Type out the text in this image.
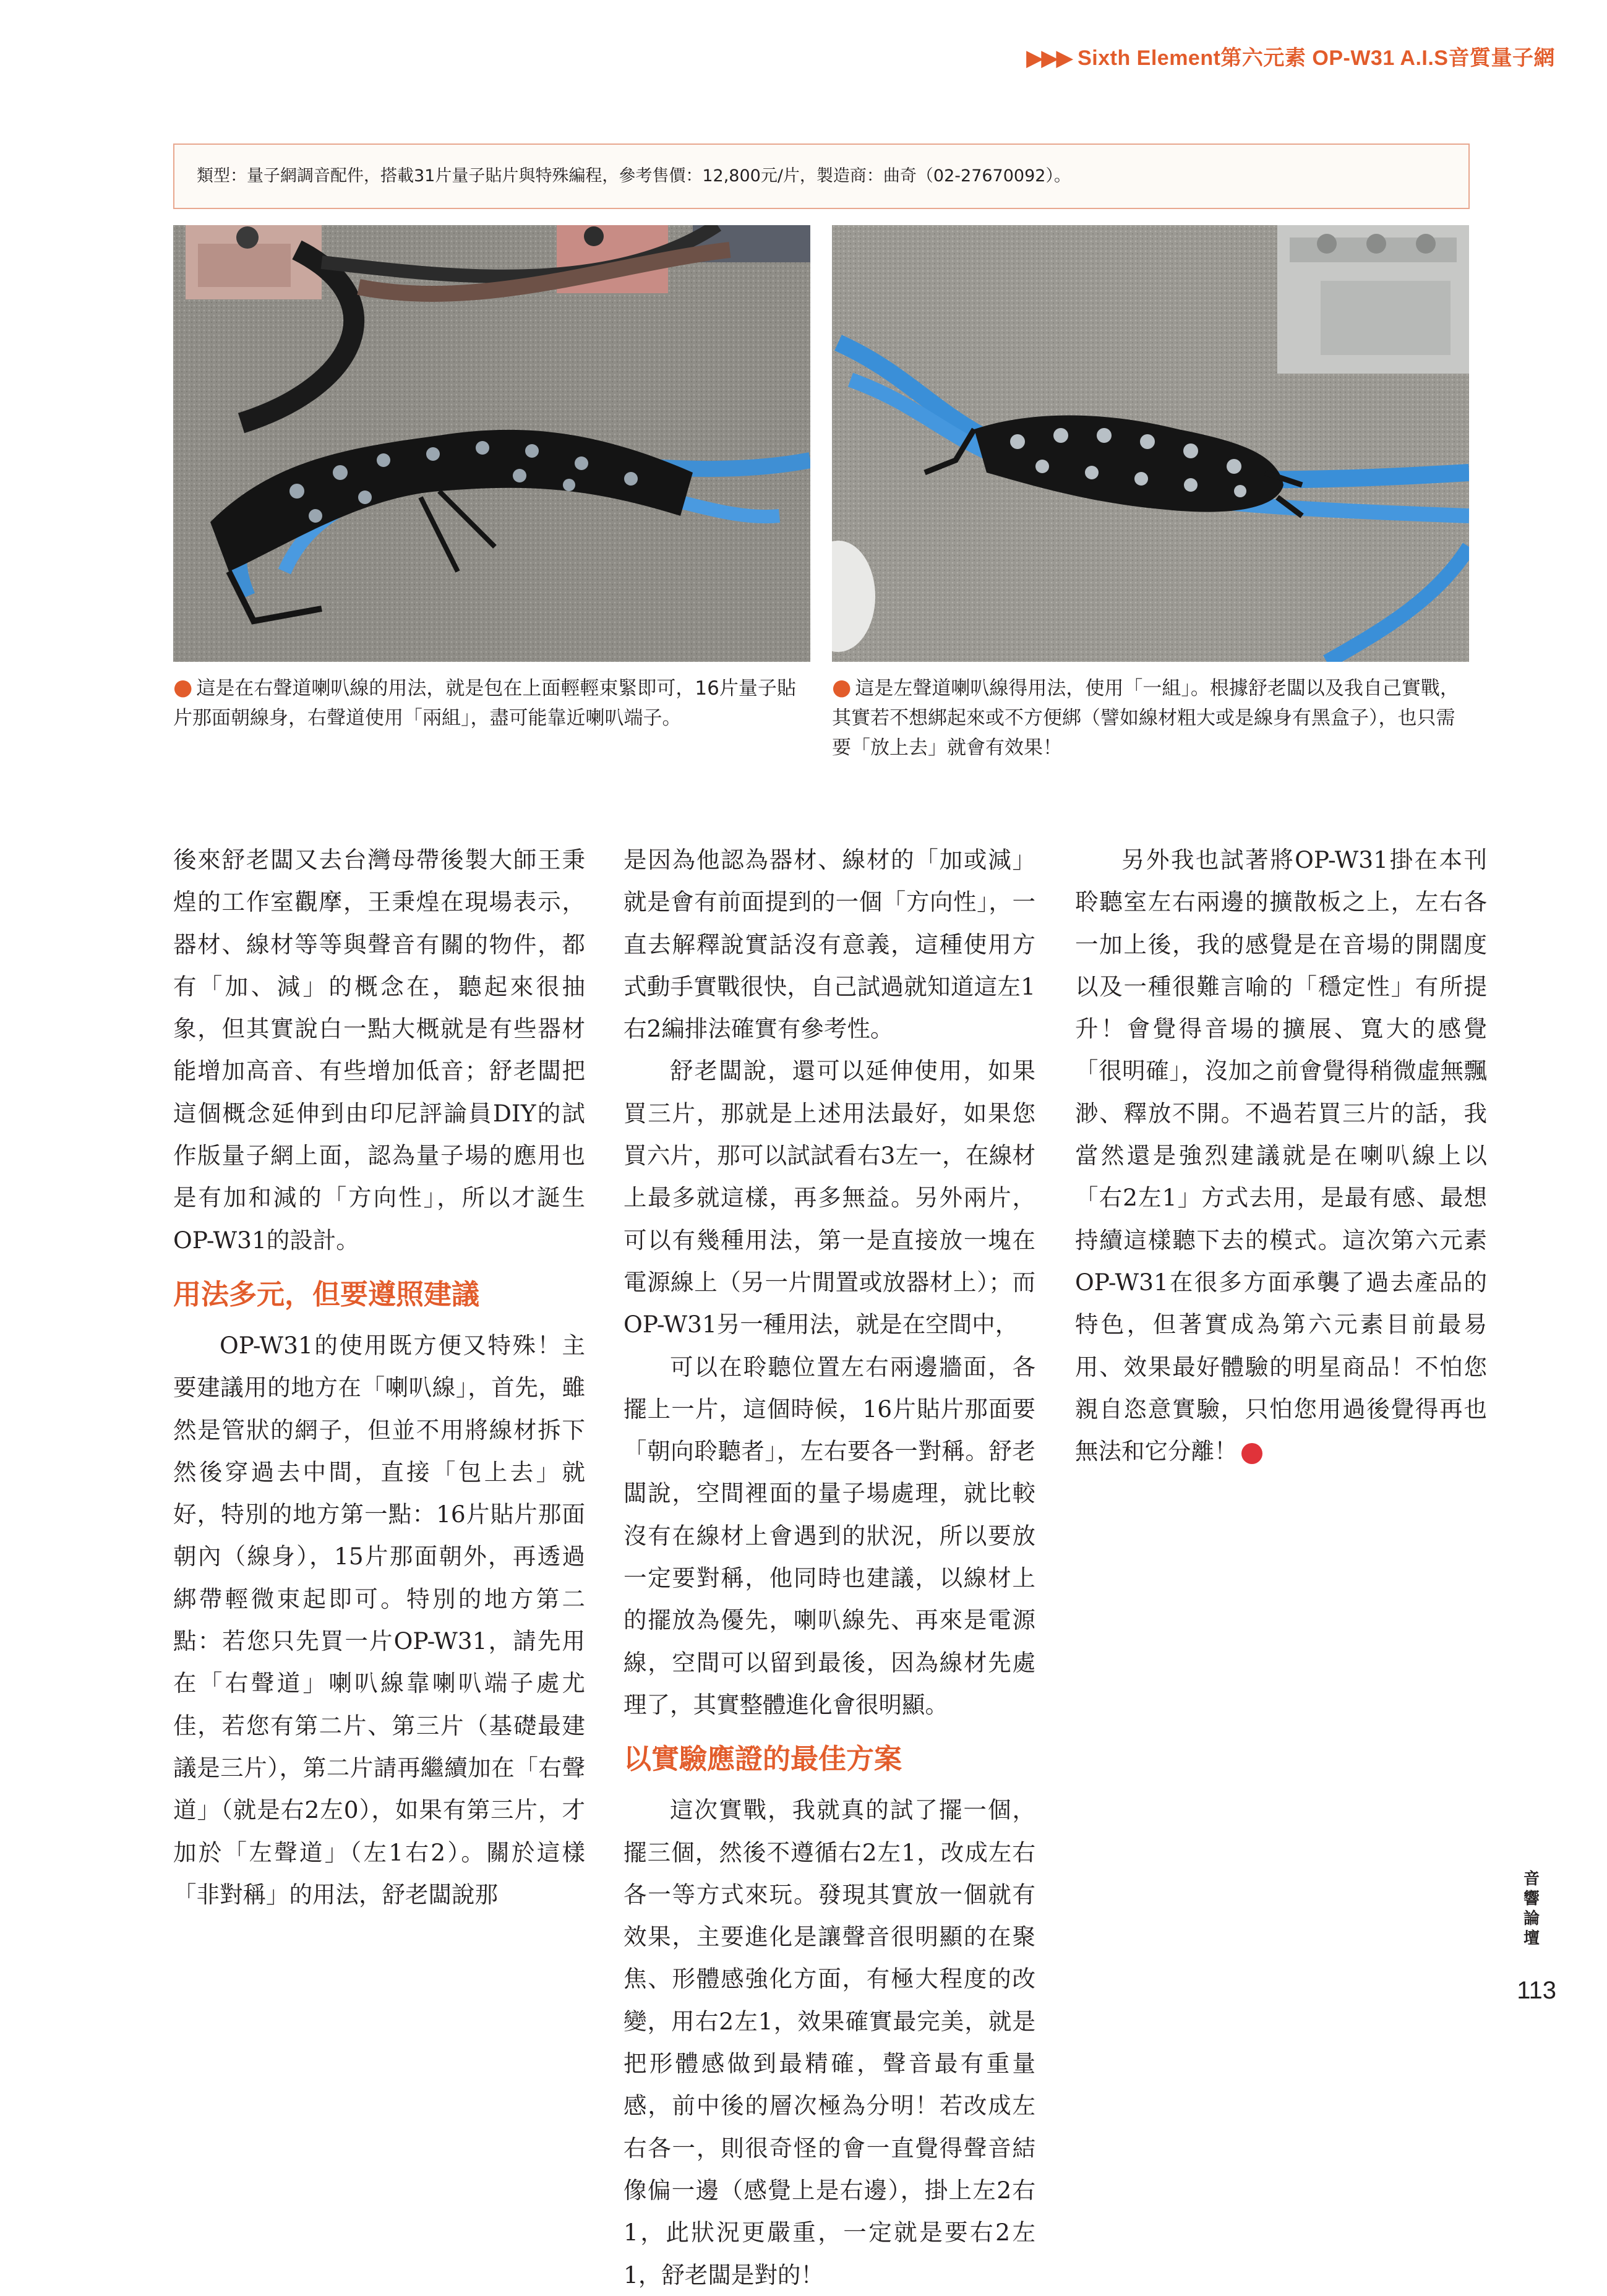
▶▶▶ Sixth Element第六元素 OP-W31 A.I.S音質量子網
類型：量子網調音配件，搭載31片量子貼片與特殊編程，參考售價：12,800元/片，製造商：曲奇（02-27670092）。
● 這是在右聲道喇叭線的用法，就是包在上面輕輕束緊即可，16片量子貼片那面朝線身，右聲道使用「兩組」，盡可能靠近喇叭端子。
● 這是左聲道喇叭線得用法，使用「一組」。根據舒老闆以及我自己實戰，其實若不想綁起來或不方便綁（譬如線材粗大或是線身有黑盒子），也只需要「放上去」就會有效果！

後來舒老闆又去台灣母帶後製大師王秉煌的工作室觀摩，王秉煌在現場表示，器材、線材等等與聲音有關的物件，都有「加、減」的概念在，聽起來很抽象，但其實說白一點大概就是有些器材能增加高音、有些增加低音；舒老闆把這個概念延伸到由印尼評論員DIY的試作版量子網上面，認為量子場的應用也是有加和減的「方向性」，所以才誕生OP-W31的設計。

用法多元，但要遵照建議

OP-W31的使用既方便又特殊！主要建議用的地方在「喇叭線」，首先，雖然是管狀的網子，但並不用將線材拆下然後穿過去中間，直接「包上去」就好，特別的地方第一點：16片貼片那面朝內（線身），15片那面朝外，再透過綁帶輕微束起即可。特別的地方第二點：若您只先買一片OP-W31，請先用在「右聲道」喇叭線靠喇叭端子處尤佳，若您有第二片、第三片（基礎最建議是三片），第二片請再繼續加在「右聲道」（就是右2左0），如果有第三片，才加於「左聲道」（左1右2）。關於這樣「非對稱」的用法，舒老闆說那

是因為他認為器材、線材的「加或減」就是會有前面提到的一個「方向性」，一直去解釋說實話沒有意義，這種使用方式動手實戰很快，自己試過就知道這左1右2編排法確實有參考性。

舒老闆說，還可以延伸使用，如果買三片，那就是上述用法最好，如果您買六片，那可以試試看右3左一，在線材上最多就這樣，再多無益。另外兩片，可以有幾種用法，第一是直接放一塊在電源線上（另一片閒置或放器材上）；而OP-W31另一種用法，就是在空間中，

可以在聆聽位置左右兩邊牆面，各擺上一片，這個時候，16片貼片那面要「朝向聆聽者」，左右要各一對稱。舒老闆說，空間裡面的量子場處理，就比較沒有在線材上會遇到的狀況，所以要放一定要對稱，他同時也建議，以線材上的擺放為優先，喇叭線先、再來是電源線，空間可以留到最後，因為線材先處理了，其實整體進化會很明顯。

以實驗應證的最佳方案

這次實戰，我就真的試了擺一個，擺三個，然後不遵循右2左1，改成左右各一等方式來玩。發現其實放一個就有效果，主要進化是讓聲音很明顯的在聚焦、形體感強化方面，有極大程度的改變，用右2左1，效果確實最完美，就是把形體感做到最精確，聲音最有重量感，前中後的層次極為分明！若改成左右各一，則很奇怪的會一直覺得聲音結像偏一邊（感覺上是右邊），掛上左2右1，此狀況更嚴重，一定就是要右2左1，舒老闆是對的！

另外我也試著將OP-W31掛在本刊聆聽室左右兩邊的擴散板之上，左右各一加上後，我的感覺是在音場的開闊度以及一種很難言喻的「穩定性」有所提升！會覺得音場的擴展、寬大的感覺「很明確」，沒加之前會覺得稍微虛無飄渺、釋放不開。不過若買三片的話，我當然還是強烈建議就是在喇叭線上以「右2左1」方式去用，是最有感、最想持續這樣聽下去的模式。這次第六元素OP-W31在很多方面承襲了過去產品的特色，但著實成為第六元素目前最易用、效果最好體驗的明星商品！不怕您親自恣意實驗，只怕您用過後覺得再也無法和它分離！	A

音響論壇
113
